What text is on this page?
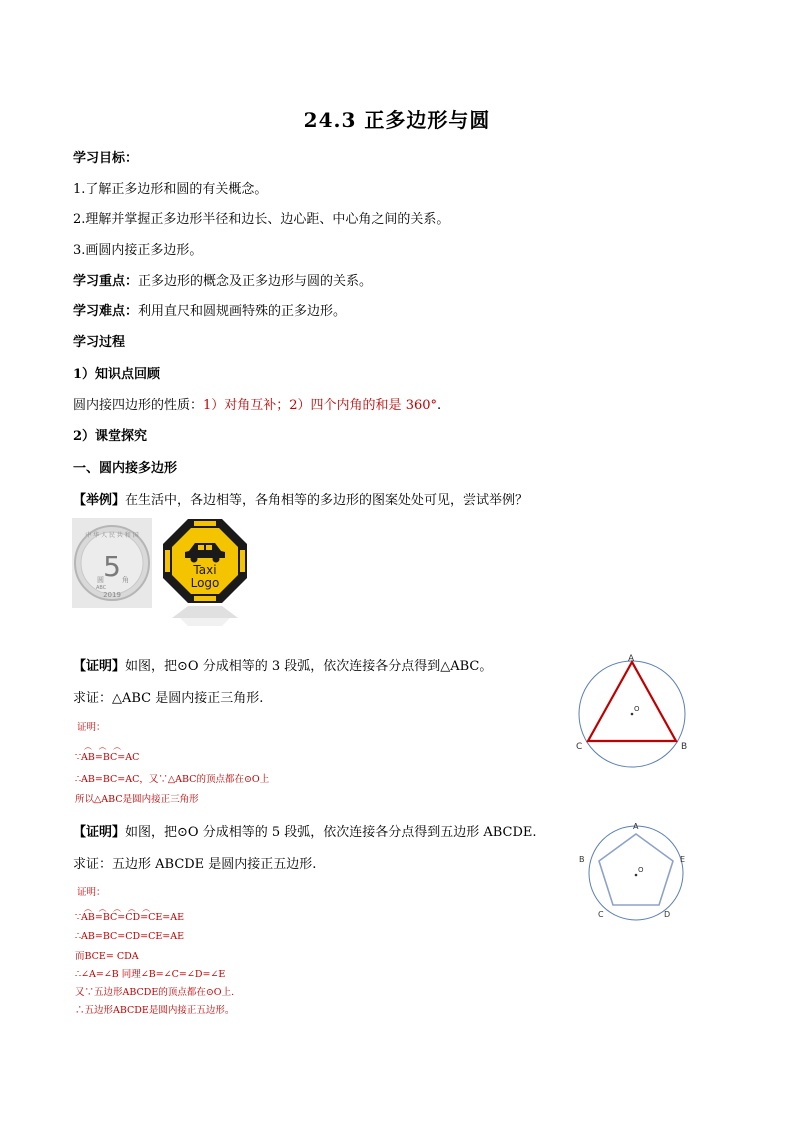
24.3 正多边形与圆
学习目标：
1.了解正多边形和圆的有关概念。
2.理解并掌握正多边形半径和边长、边心距、中心角之间的关系。
3.画圆内接正多边形。
学习重点：正多边形的概念及正多边形与圆的关系。
学习难点：利用直尺和圆规画特殊的正多边形。
学习过程
1）知识点回顾
圆内接四边形的性质：1）对角互补；2）四个内角的和是 360°.
2）课堂探究
一、圆内接多边形
【举例】在生活中，各边相等，各角相等的多边形的图案处处可见，尝试举例？
中 华 人 民 共 和 国
5
圆	角
ABC
2019
Taxi
Logo
【证明】如图，把⊙O 分成相等的 3 段弧，依次连接各分点得到△ABC。
求证：△ABC 是圆内接正三角形.
证明：
︵ ︵ ︵
∵AB=BC=AC
∴AB=BC=AC，又∵△ABC的顶点都在⊙O上
所以△ABC是圆内接正三角形
A
B
C
O
【证明】如图，把⊙O 分成相等的 5 段弧，依次连接各分点得到五边形 ABCDE.
求证：五边形 ABCDE 是圆内接正五边形.
证明：
︵ ︵ ︵ ︵ ︵
∵AB=BC=CD=CE=AE
∴AB=BC=CD=CE=AE
而BCE= CDA
∴∠A=∠B 同理∠B=∠C=∠D=∠E
又∵五边形ABCDE的顶点都在⊙O上.
∴五边形ABCDE是圆内接正五边形。
A
B
C	D
E
O
